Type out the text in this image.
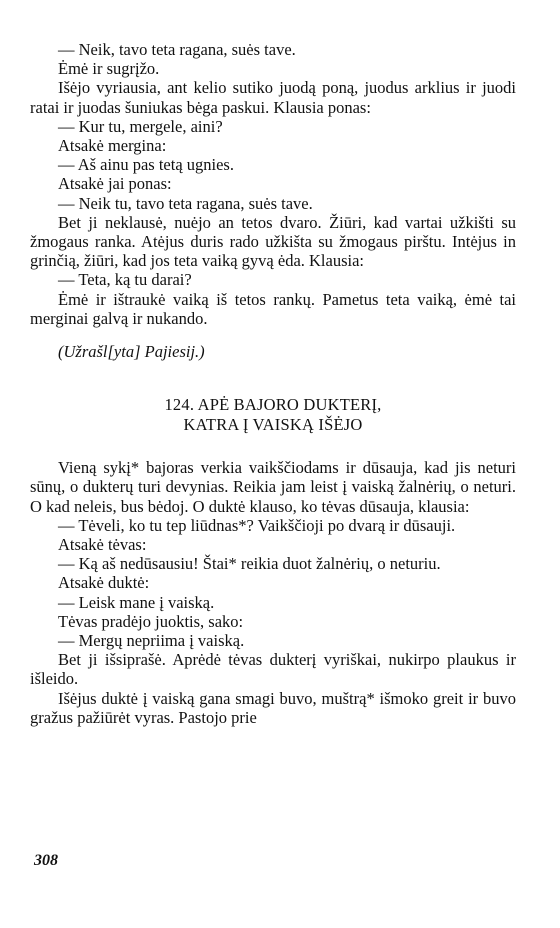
— Neik, tavo teta ragana, suės tave.

Ėmė ir sugrįžo.

Išėjo vyriausia, ant kelio sutiko juodą poną, juodus arklius ir juodi ratai ir juodas šuniukas bėga paskui. Klausia ponas:

— Kur tu, mergele, aini?

Atsakė mergina:

— Aš ainu pas tetą ugnies.

Atsakė jai ponas:

— Neik tu, tavo teta ragana, suės tave.

Bet ji neklausė, nuėjo an tetos dvaro. Žiūri, kad vartai užkišti su žmogaus ranka. Atėjus duris rado užkišta su žmogaus pirštu. Intėjus in grinčią, žiūri, kad jos teta vaiką gyvą ėda. Klausia:

— Teta, ką tu darai?

Ėmė ir ištraukė vaiką iš tetos rankų. Pametus teta vaiką, ėmė tai merginai galvą ir nukando.

(Užrašl[yta] Pajiesij.)

124. APĖ BAJORO DUKTERĮ,
KATRA Į VAISKĄ IŠĖJO

Vieną sykį* bajoras verkia vaikščiodams ir dūsauja, kad jis neturi sūnų, o dukterų turi devynias. Reikia jam leist į vaiską žalnėrių, o neturi. O kad neleis, bus bėdoj. O duktė klauso, ko tėvas dūsauja, klausia:

— Tėveli, ko tu tep liūdnas*? Vaikščioji po dvarą ir dūsauji.

Atsakė tėvas:

— Ką aš nedūsausiu! Štai* reikia duot žalnėrių, o neturiu.

Atsakė duktė:

— Leisk mane į vaiską.

Tėvas pradėjo juoktis, sako:

— Mergų nepriima į vaiską.

Bet ji išsiprašė. Aprėdė tėvas dukterį vyriškai, nukirpo plaukus ir išleido.

Išėjus duktė į vaiską gana smagi buvo, muštrą* išmoko greit ir buvo gražus pažiūrėt vyras. Pastojo prie

308
